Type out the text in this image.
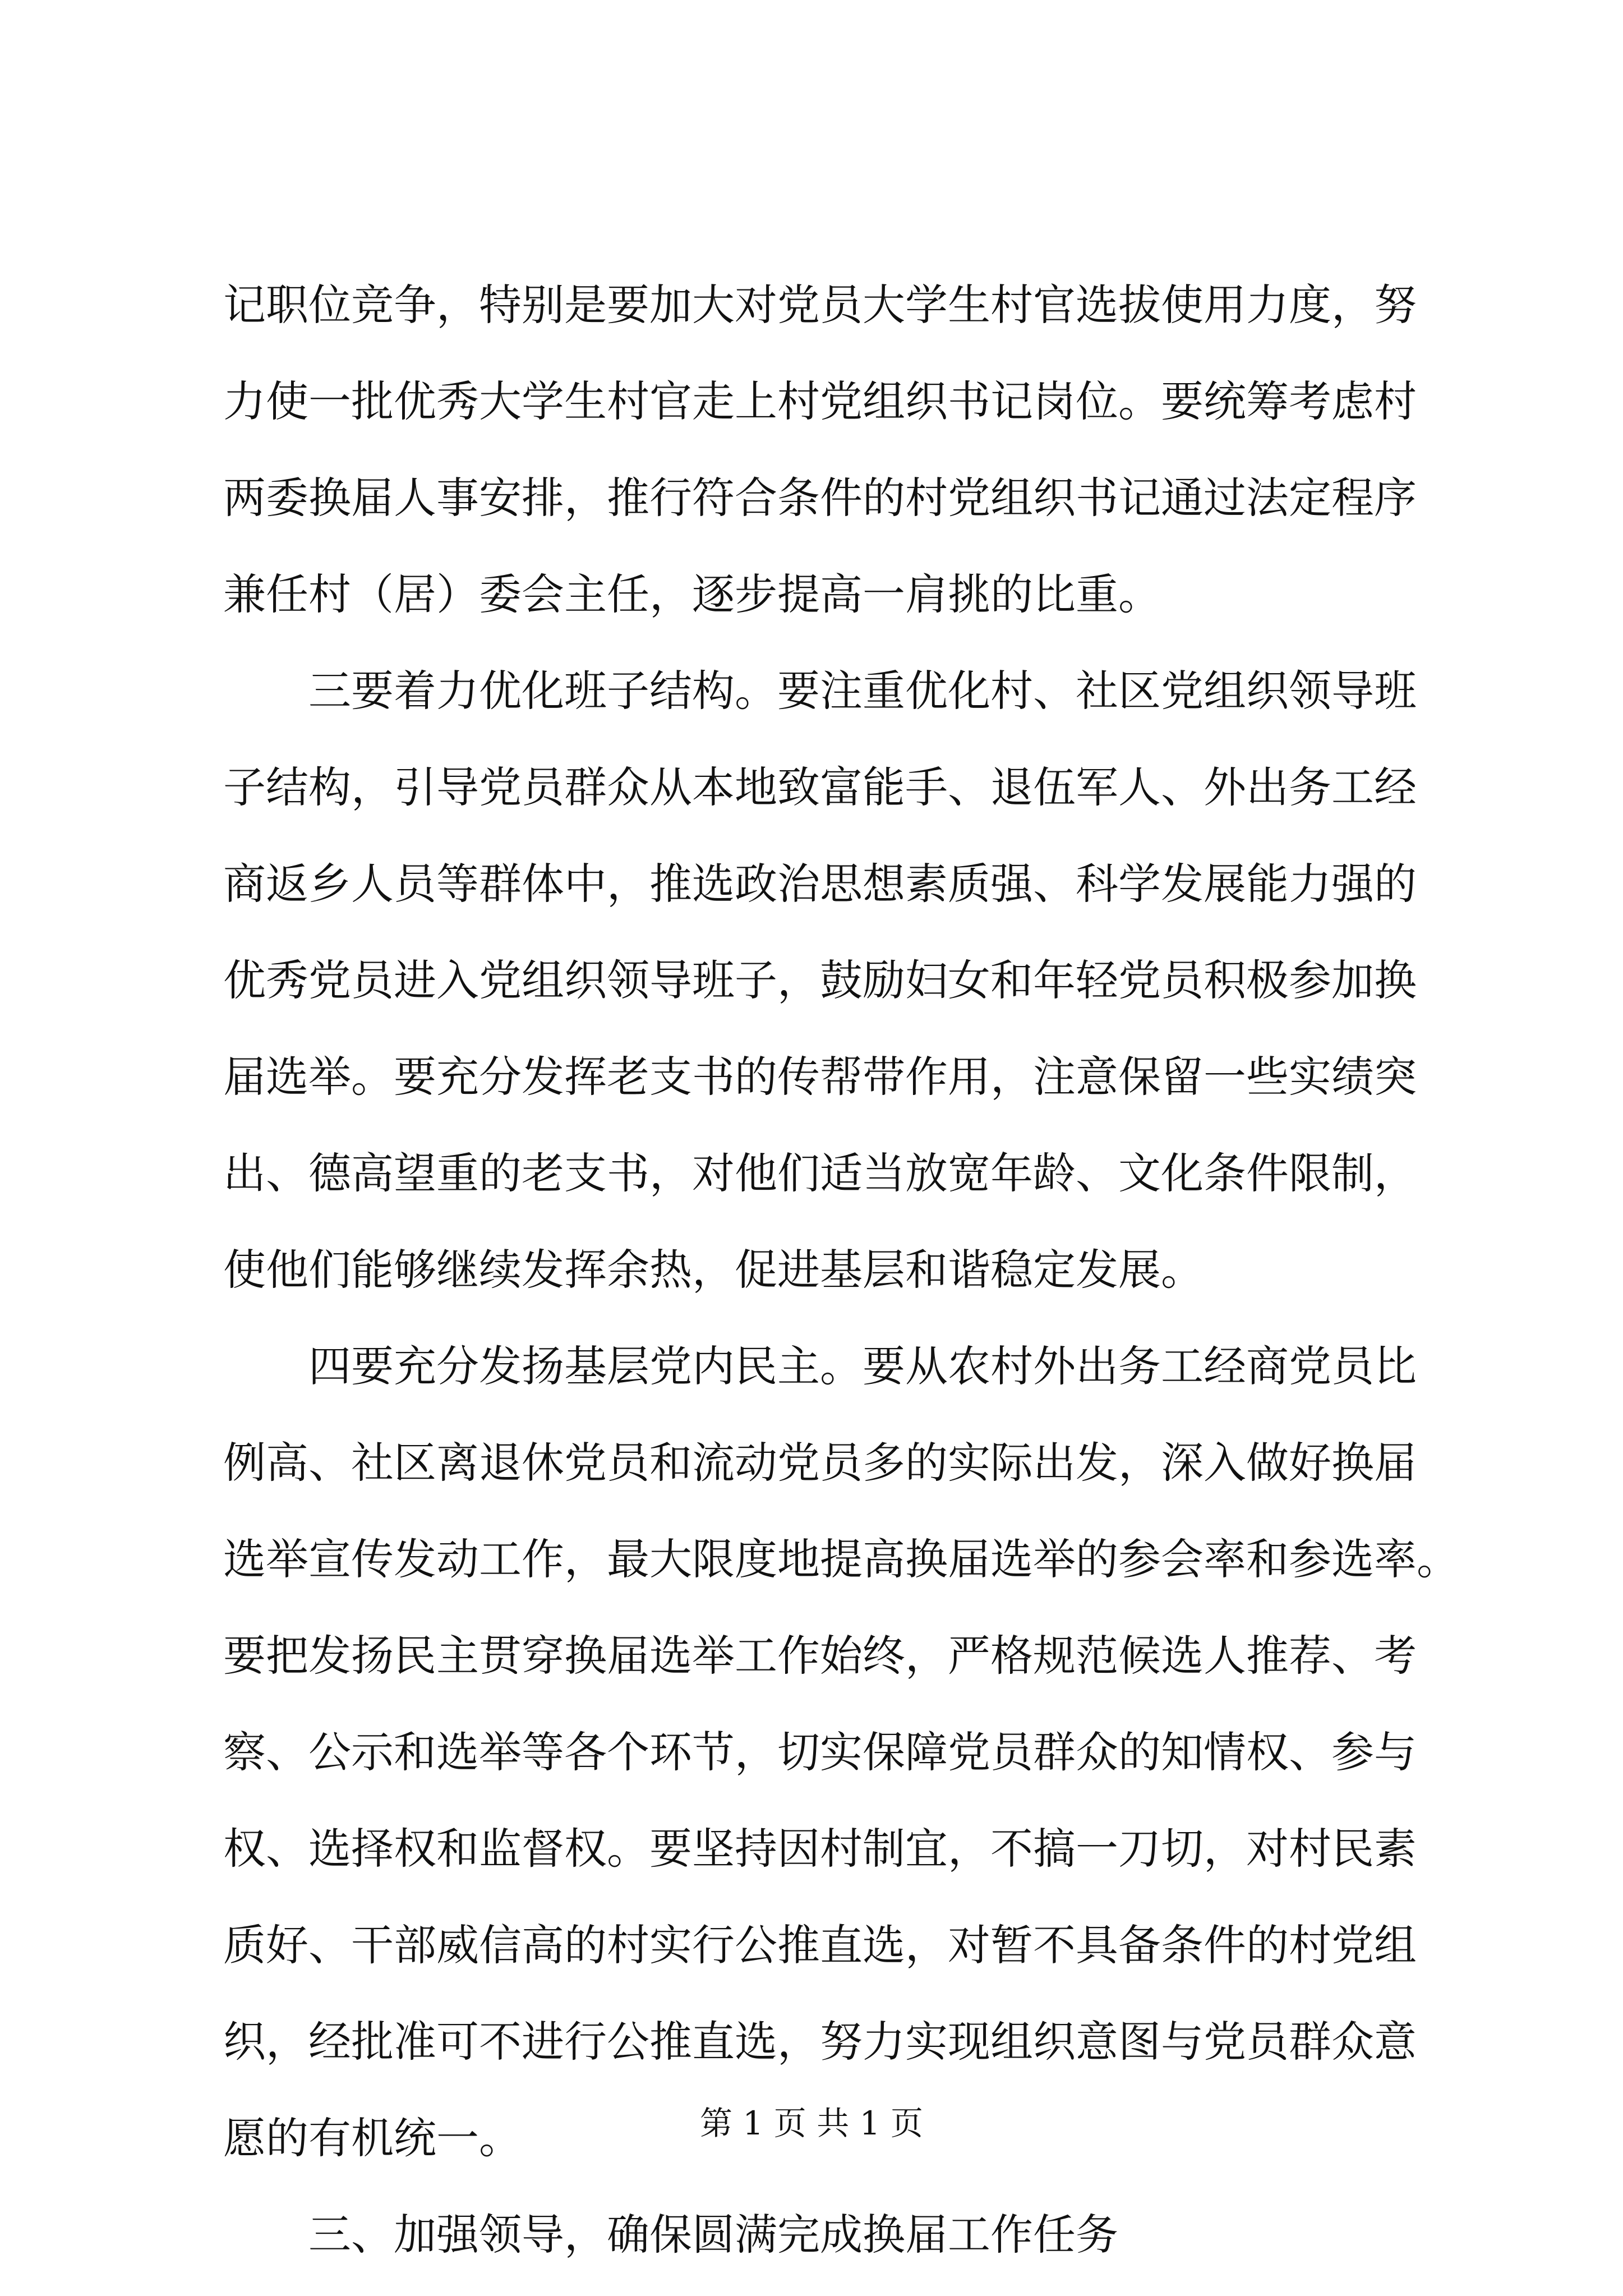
记职位竞争，特别是要加大对党员大学生村官选拔使用力度，努
力使一批优秀大学生村官走上村党组织书记岗位。要统筹考虑村
两委换届人事安排，推行符合条件的村党组织书记通过法定程序
兼任村（居）委会主任，逐步提高一肩挑的比重。
三要着力优化班子结构。要注重优化村、社区党组织领导班
子结构，引导党员群众从本地致富能手、退伍军人、外出务工经
商返乡人员等群体中，推选政治思想素质强、科学发展能力强的
优秀党员进入党组织领导班子，鼓励妇女和年轻党员积极参加换
届选举。要充分发挥老支书的传帮带作用，注意保留一些实绩突
出、德高望重的老支书，对他们适当放宽年龄、文化条件限制，
使他们能够继续发挥余热，促进基层和谐稳定发展。
四要充分发扬基层党内民主。要从农村外出务工经商党员比
例高、社区离退休党员和流动党员多的实际出发，深入做好换届
选举宣传发动工作，最大限度地提高换届选举的参会率和参选率。
要把发扬民主贯穿换届选举工作始终，严格规范候选人推荐、考
察、公示和选举等各个环节，切实保障党员群众的知情权、参与
权、选择权和监督权。要坚持因村制宜，不搞一刀切，对村民素
质好、干部威信高的村实行公推直选，对暂不具备条件的村党组
织，经批准可不进行公推直选，努力实现组织意图与党员群众意
愿的有机统一。
三、加强领导，确保圆满完成换届工作任务
第 1 页 共 1 页
